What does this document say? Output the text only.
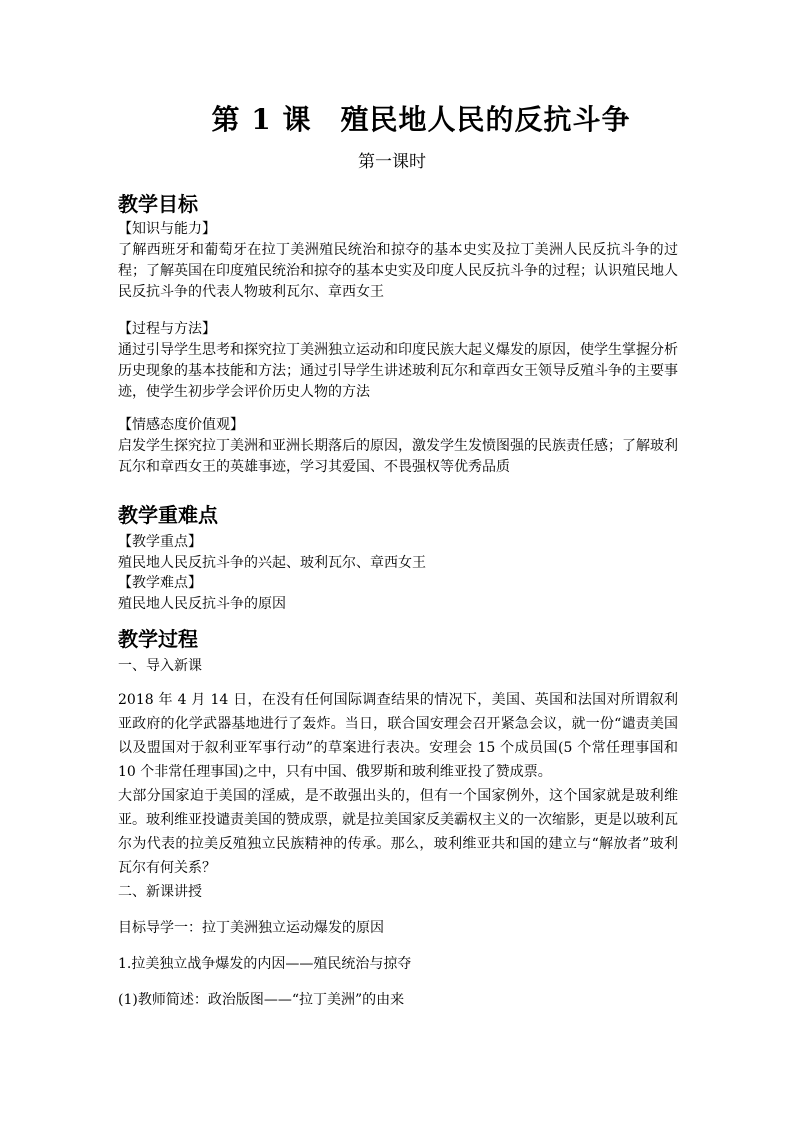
第 1 课　殖民地人民的反抗斗争
第一课时
教学目标
【知识与能力】
了解西班牙和葡萄牙在拉丁美洲殖民统治和掠夺的基本史实及拉丁美洲人民反抗斗争的过程；了解英国在印度殖民统治和掠夺的基本史实及印度人民反抗斗争的过程；认识殖民地人民反抗斗争的代表人物玻利瓦尔、章西女王
【过程与方法】
通过引导学生思考和探究拉丁美洲独立运动和印度民族大起义爆发的原因，使学生掌握分析历史现象的基本技能和方法；通过引导学生讲述玻利瓦尔和章西女王领导反殖斗争的主要事迹，使学生初步学会评价历史人物的方法
【情感态度价值观】
启发学生探究拉丁美洲和亚洲长期落后的原因，激发学生发愤图强的民族责任感；了解玻利瓦尔和章西女王的英雄事迹，学习其爱国、不畏强权等优秀品质
教学重难点
【教学重点】
殖民地人民反抗斗争的兴起、玻利瓦尔、章西女王
【教学难点】
殖民地人民反抗斗争的原因
教学过程
一、导入新课
2018 年 4 月 14 日，在没有任何国际调查结果的情况下，美国、英国和法国对所谓叙利亚政府的化学武器基地进行了轰炸。当日，联合国安理会召开紧急会议，就一份“谴责美国以及盟国对于叙利亚军事行动”的草案进行表决。安理会 15 个成员国(5 个常任理事国和 10 个非常任理事国)之中，只有中国、俄罗斯和玻利维亚投了赞成票。
大部分国家迫于美国的淫威，是不敢强出头的，但有一个国家例外，这个国家就是玻利维亚。玻利维亚投谴责美国的赞成票，就是拉美国家反美霸权主义的一次缩影，更是以玻利瓦尔为代表的拉美反殖独立民族精神的传承。那么，玻利维亚共和国的建立与“解放者”玻利瓦尔有何关系？
二、新课讲授
目标导学一：拉丁美洲独立运动爆发的原因
1.拉美独立战争爆发的内因——殖民统治与掠夺
(1)教师简述：政治版图——“拉丁美洲”的由来
